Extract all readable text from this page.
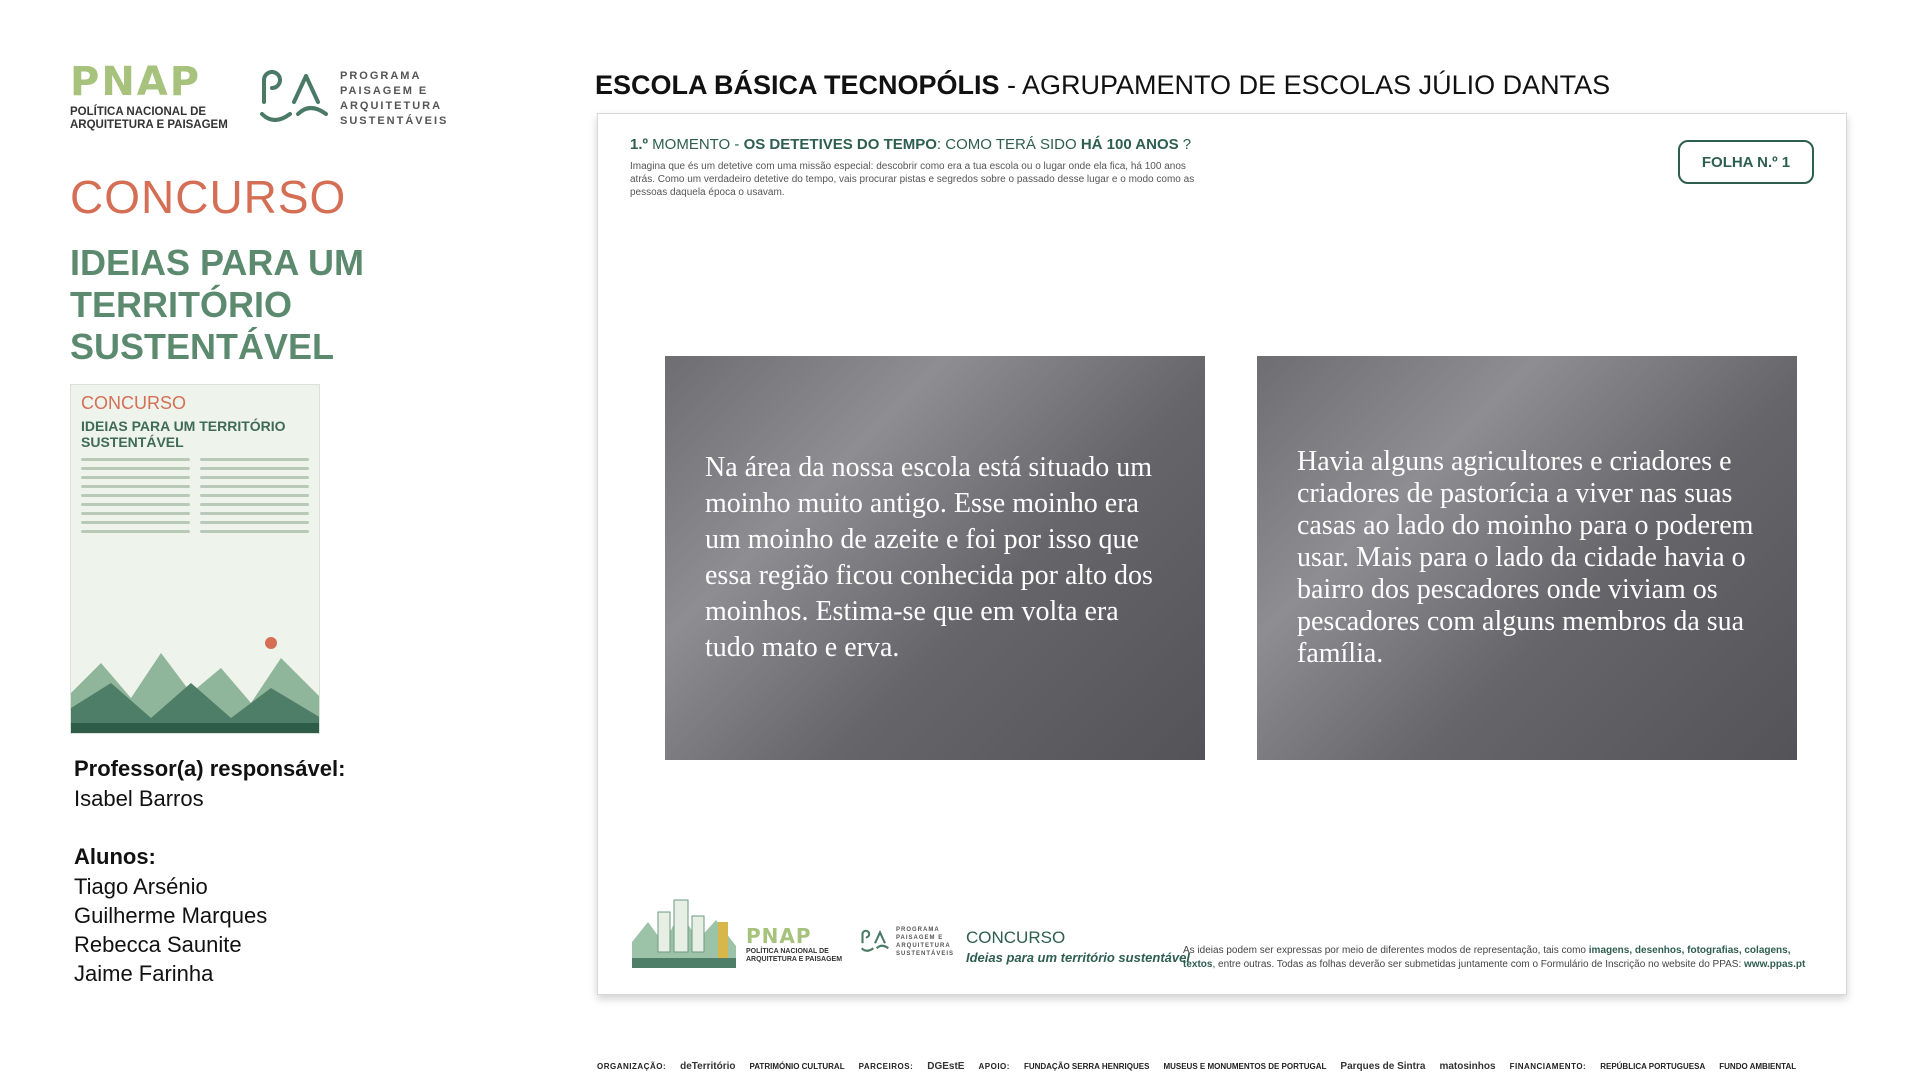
PNAP
POLÍTICA NACIONAL DE
ARQUITETURA E PAISAGEM
PROGRAMA
PAISAGEM E
ARQUITETURA
SUSTENTÁVEIS
CONCURSO
IDEIAS PARA UM TERRITÓRIO SUSTENTÁVEL
CONCURSO
IDEIAS PARA UM TERRITÓRIO SUSTENTÁVEL
Professor(a) responsável:
Isabel Barros
Alunos:
Tiago Arsénio
Guilherme Marques
Rebecca Saunite
Jaime Farinha
ESCOLA BÁSICA TECNOPÓLIS - AGRUPAMENTO DE ESCOLAS JÚLIO DANTAS
1.º MOMENTO - OS DETETIVES DO TEMPO: COMO TERÁ SIDO HÁ 100 ANOS ?
Imagina que és um detetive com uma missão especial: descobrir como era a tua escola ou o lugar onde ela fica, há 100 anos atrás. Como um verdadeiro detetive do tempo, vais procurar pistas e segredos sobre o passado desse lugar e o modo como as pessoas daquela época o usavam.
FOLHA N.º 1
Na área da nossa escola está situado um moinho muito antigo. Esse moinho era um moinho de azeite e foi por isso que essa região ficou conhecida por alto dos moinhos. Estima-se que em volta era tudo mato e erva.
Havia alguns agricultores e criadores e criadores de pastorícia a viver nas suas casas ao lado do moinho para o poderem usar. Mais para o lado da cidade havia o bairro dos pescadores onde viviam os pescadores com alguns membros da sua família.
PNAP
POLÍTICA NACIONAL DE
ARQUITETURA E PAISAGEM
PROGRAMA
PAISAGEM E
ARQUITETURA
SUSTENTÁVEIS
CONCURSO
Ideias para um território sustentável
As ideias podem ser expressas por meio de diferentes modos de representação, tais como imagens, desenhos, fotografias, colagens, textos, entre outras. Todas as folhas deverão ser submetidas juntamente com o Formulário de Inscrição no website do PPAS: www.ppas.pt
ORGANIZAÇÃO: deTerritório PATRIMÓNIO CULTURAL PARCEIROS: DGEstE APOIO: FUNDAÇÃO SERRA HENRIQUES MUSEUS E MONUMENTOS DE PORTUGAL Parques de Sintra matosinhos FINANCIAMENTO: REPÚBLICA PORTUGUESA FUNDO AMBIENTAL
